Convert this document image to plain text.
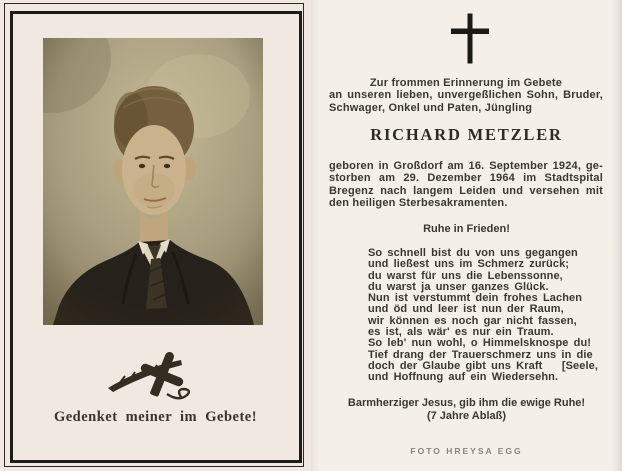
Gedenket meiner im Gebete!
Zur frommen Erinnerung im Gebete
an unseren lieben, unvergeßlichen Sohn, Bruder,
Schwager, Onkel und Paten, Jüngling
RICHARD METZLER
geboren in Großdorf am 16. September 1924, ge-
storben am 29. Dezember 1964 im Stadtspital
Bregenz nach langem Leiden und versehen mit
den heiligen Sterbesakramenten.
Ruhe in Frieden!
So schnell bist du von uns gegangen
und ließest uns im Schmerz zurück;
du warst für uns die Lebenssonne,
du warst ja unser ganzes Glück.
Nun ist verstummt dein frohes Lachen
und öd und leer ist nun der Raum,
wir können es noch gar nicht fassen,
es ist, als wär' es nur ein Traum.
So leb' nun wohl, o Himmelsknospe du!
Tief drang der Trauerschmerz uns in die
doch der Glaube gibt uns Kraft [Seele,
und Hoffnung auf ein Wiedersehn.
Barmherziger Jesus, gib ihm die ewige Ruhe!
(7 Jahre Ablaß)
FOTO HREYSA EGG
